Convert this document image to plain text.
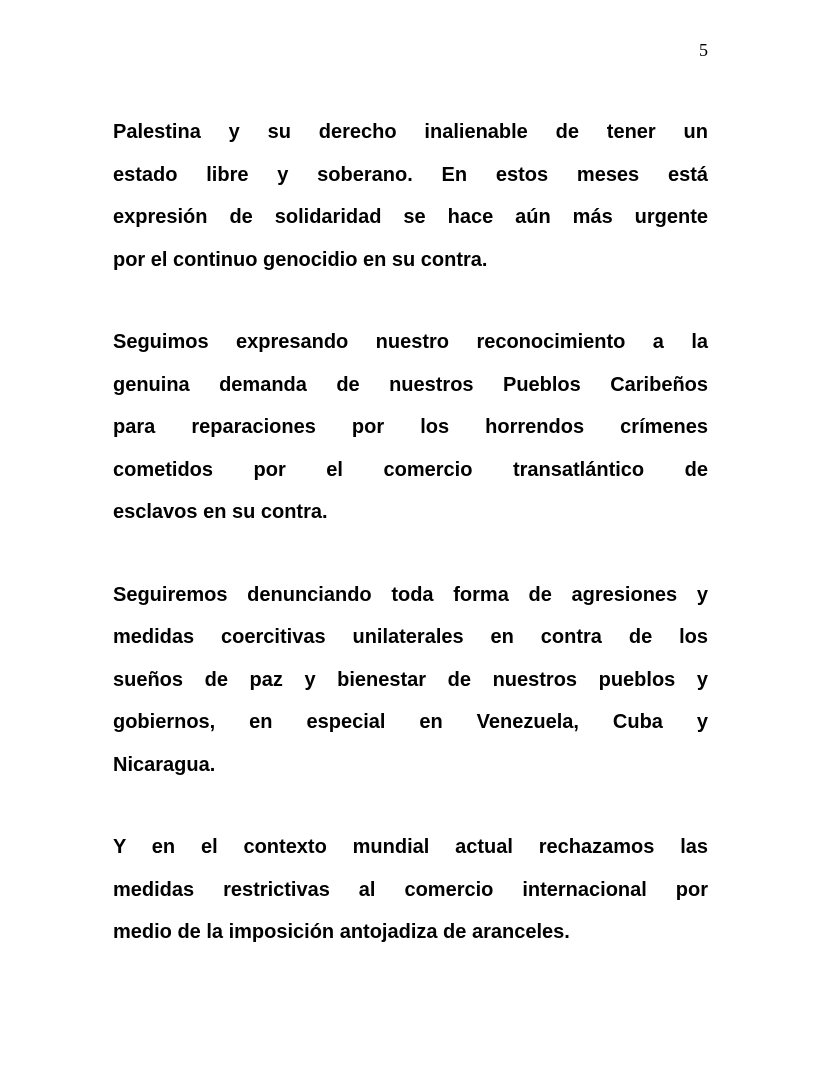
5
Palestina y su derecho inalienable de tener un
estado libre y soberano. En estos meses está
expresión de solidaridad se hace aún más urgente
por el continuo genocidio en su contra.
Seguimos expresando nuestro reconocimiento a la
genuina demanda de nuestros Pueblos Caribeños
para reparaciones por los horrendos crímenes
cometidos por el comercio transatlántico de
esclavos en su contra.
Seguiremos denunciando toda forma de agresiones y
medidas coercitivas unilaterales en contra de los
sueños de paz y bienestar de nuestros pueblos y
gobiernos, en especial en Venezuela, Cuba y
Nicaragua.
Y en el contexto mundial actual rechazamos las
medidas restrictivas al comercio internacional por
medio de la imposición antojadiza de aranceles.
